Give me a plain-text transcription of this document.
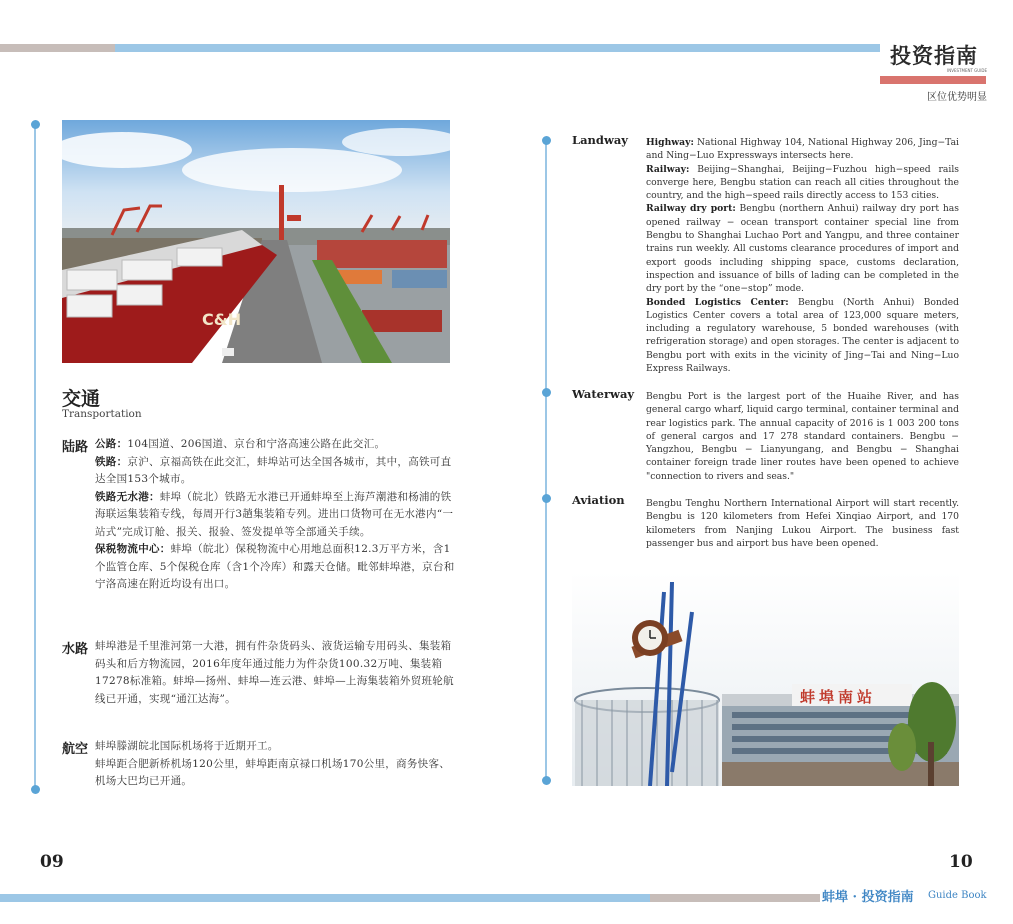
投资指南
INVESTMENT GUIDE
区位优势明显
C&H
交通
Transportation
陆路 公路：104国道、206国道、京台和宁洛高速公路在此交汇。

铁路：京沪、京福高铁在此交汇，蚌埠站可达全国各城市，其中，高铁可直达全国153个城市。

铁路无水港：蚌埠（皖北）铁路无水港已开通蚌埠至上海芦潮港和杨浦的铁海联运集装箱专线，每周开行3趟集装箱专列。进出口货物可在无水港内“一站式”完成订舱、报关、报验、签发提单等全部通关手续。

保税物流中心：蚌埠（皖北）保税物流中心用地总面积12.3万平方米，含1个监管仓库、5个保税仓库（含1个冷库）和露天仓储。毗邻蚌埠港，京台和宁洛高速在附近均设有出口。

水路 蚌埠港是千里淮河第一大港，拥有件杂货码头、液货运输专用码头、集装箱码头和后方物流园，2016年度年通过能力为件杂货100.32万吨、集装箱17278标准箱。蚌埠—扬州、蚌埠—连云港、蚌埠—上海集装箱外贸班轮航线已开通，实现“通江达海”。

航空 蚌埠滕湖皖北国际机场将于近期开工。

蚌埠距合肥新桥机场120公里，蚌埠距南京禄口机场170公里，商务快客、机场大巴均已开通。

Landway Highway: National Highway 104, National Highway 206, Jing−Tai and Ning−Luo Expressways intersects here.

Railway: Beijing−Shanghai, Beijing−Fuzhou high−speed rails converge here, Bengbu station can reach all cities throughout the country, and the high−speed rails directly access to 153 cities.

Railway dry port: Bengbu (northern Anhui) railway dry port has opened railway − ocean transport container special line from Bengbu to Shanghai Luchao Port and Yangpu, and three container trains run weekly. All customs clearance procedures of import and export goods including shipping space, customs declaration, inspection and issuance of bills of lading can be completed in the dry port by the “one−stop” mode.

Bonded Logistics Center: Bengbu (North Anhui) Bonded Logistics Center covers a total area of 123,000 square meters, including a regulatory warehouse, 5 bonded warehouses (with refrigeration storage) and open storages. The center is adjacent to Bengbu port with exits in the vicinity of Jing−Tai and Ning−Luo Express Railways.

Waterway Bengbu Port is the largest port of the Huaihe River, and has general cargo wharf, liquid cargo terminal, container terminal and rear logistics park. The annual capacity of 2016 is 1 003 200 tons of general cargos and 17 278 standard containers. Bengbu − Yangzhou, Bengbu − Lianyungang, and Bengbu − Shanghai container foreign trade liner routes have been opened to achieve "connection to rivers and seas."

Aviation Bengbu Tenghu Northern International Airport will start recently. Bengbu is 120 kilometers from Hefei Xinqiao Airport, and 170 kilometers from Nanjing Lukou Airport. The business fast passenger bus and airport bus have been opened.

蚌埠南站
09	10
蚌埠 · 投资指南 Guide Book
